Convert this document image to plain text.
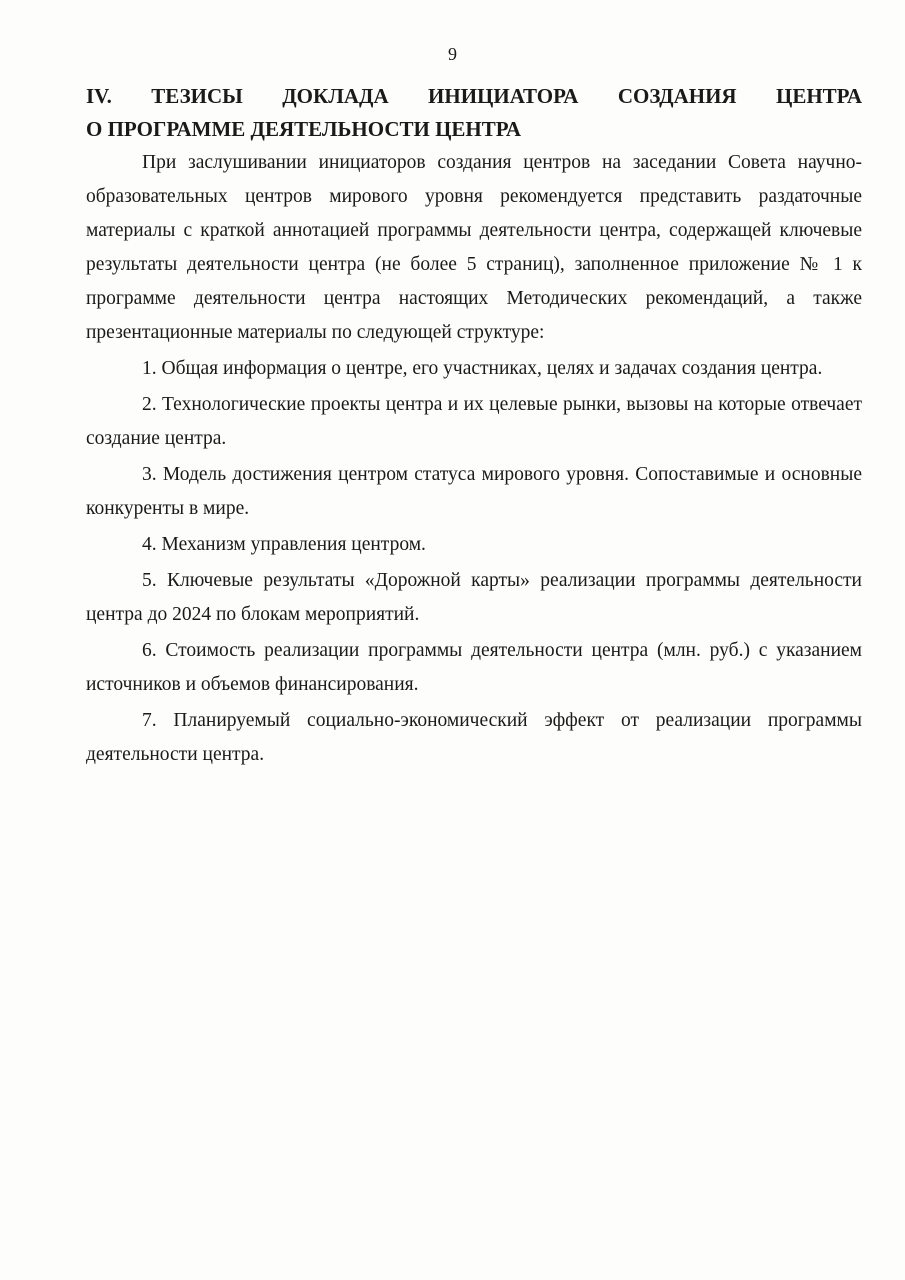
9
IV. ТЕЗИСЫ ДОКЛАДА ИНИЦИАТОРА СОЗДАНИЯ ЦЕНТРА
О ПРОГРАММЕ ДЕЯТЕЛЬНОСТИ ЦЕНТРА

При заслушивании инициаторов создания центров на заседании Совета научно-образовательных центров мирового уровня рекомендуется представить раздаточные материалы с краткой аннотацией программы деятельности центра, содержащей ключевые результаты деятельности центра (не более 5 страниц), заполненное приложение № 1 к программе деятельности центра настоящих Методических рекомендаций, а также презентационные материалы по следующей структуре:

1. Общая информация о центре, его участниках, целях и задачах создания центра.

2. Технологические проекты центра и их целевые рынки, вызовы на которые отвечает создание центра.

3. Модель достижения центром статуса мирового уровня. Сопоставимые и основные конкуренты в мире.

4. Механизм управления центром.

5. Ключевые результаты «Дорожной карты» реализации программы деятельности центра до 2024 по блокам мероприятий.

6. Стоимость реализации программы деятельности центра (млн. руб.) с указанием источников и объемов финансирования.

7. Планируемый социально-экономический эффект от реализации программы деятельности центра.
